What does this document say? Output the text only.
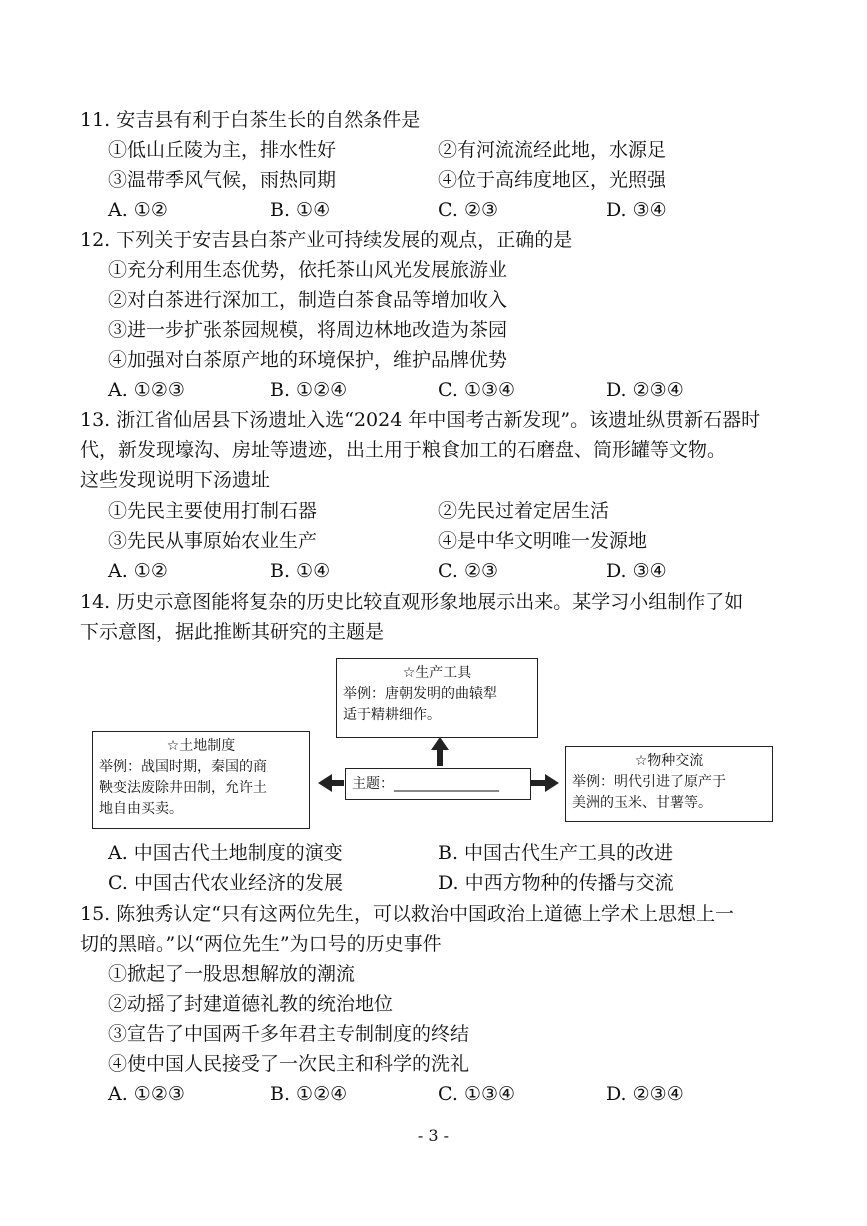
11. 安吉县有利于白茶生长的自然条件是
①低山丘陵为主，排水性好	②有河流流经此地，水源足
③温带季风气候，雨热同期	④位于高纬度地区，光照强
A. ①②	B. ①④	C. ②③	D. ③④
12. 下列关于安吉县白茶产业可持续发展的观点，正确的是
①充分利用生态优势，依托茶山风光发展旅游业
②对白茶进行深加工，制造白茶食品等增加收入
③进一步扩张茶园规模，将周边林地改造为茶园
④加强对白茶原产地的环境保护，维护品牌优势
A. ①②③	B. ①②④	C. ①③④	D. ②③④
13. 浙江省仙居县下汤遗址入选“2024 年中国考古新发现”。该遗址纵贯新石器时
代，新发现壕沟、房址等遗迹，出土用于粮食加工的石磨盘、筒形罐等文物。
这些发现说明下汤遗址
①先民主要使用打制石器	②先民过着定居生活
③先民从事原始农业生产	④是中华文明唯一发源地
A. ①②	B. ①④	C. ②③	D. ③④
14. 历史示意图能将复杂的历史比较直观形象地展示出来。某学习小组制作了如
下示意图，据此推断其研究的主题是
☆生产工具
举例：唐朝发明的曲辕犁
适于精耕细作。
☆土地制度
举例：战国时期，秦国的商
鞅变法废除井田制，允许土
地自由买卖。
☆物种交流
举例：明代引进了原产于
美洲的玉米、甘薯等。
主题：_______________
A. 中国古代土地制度的演变	B. 中国古代生产工具的改进
C. 中国古代农业经济的发展	D. 中西方物种的传播与交流
15. 陈独秀认定“只有这两位先生，可以救治中国政治上道德上学术上思想上一
切的黑暗。”以“两位先生”为口号的历史事件
①掀起了一股思想解放的潮流
②动摇了封建道德礼教的统治地位
③宣告了中国两千多年君主专制制度的终结
④使中国人民接受了一次民主和科学的洗礼
A. ①②③	B. ①②④	C. ①③④	D. ②③④
- 3 -
